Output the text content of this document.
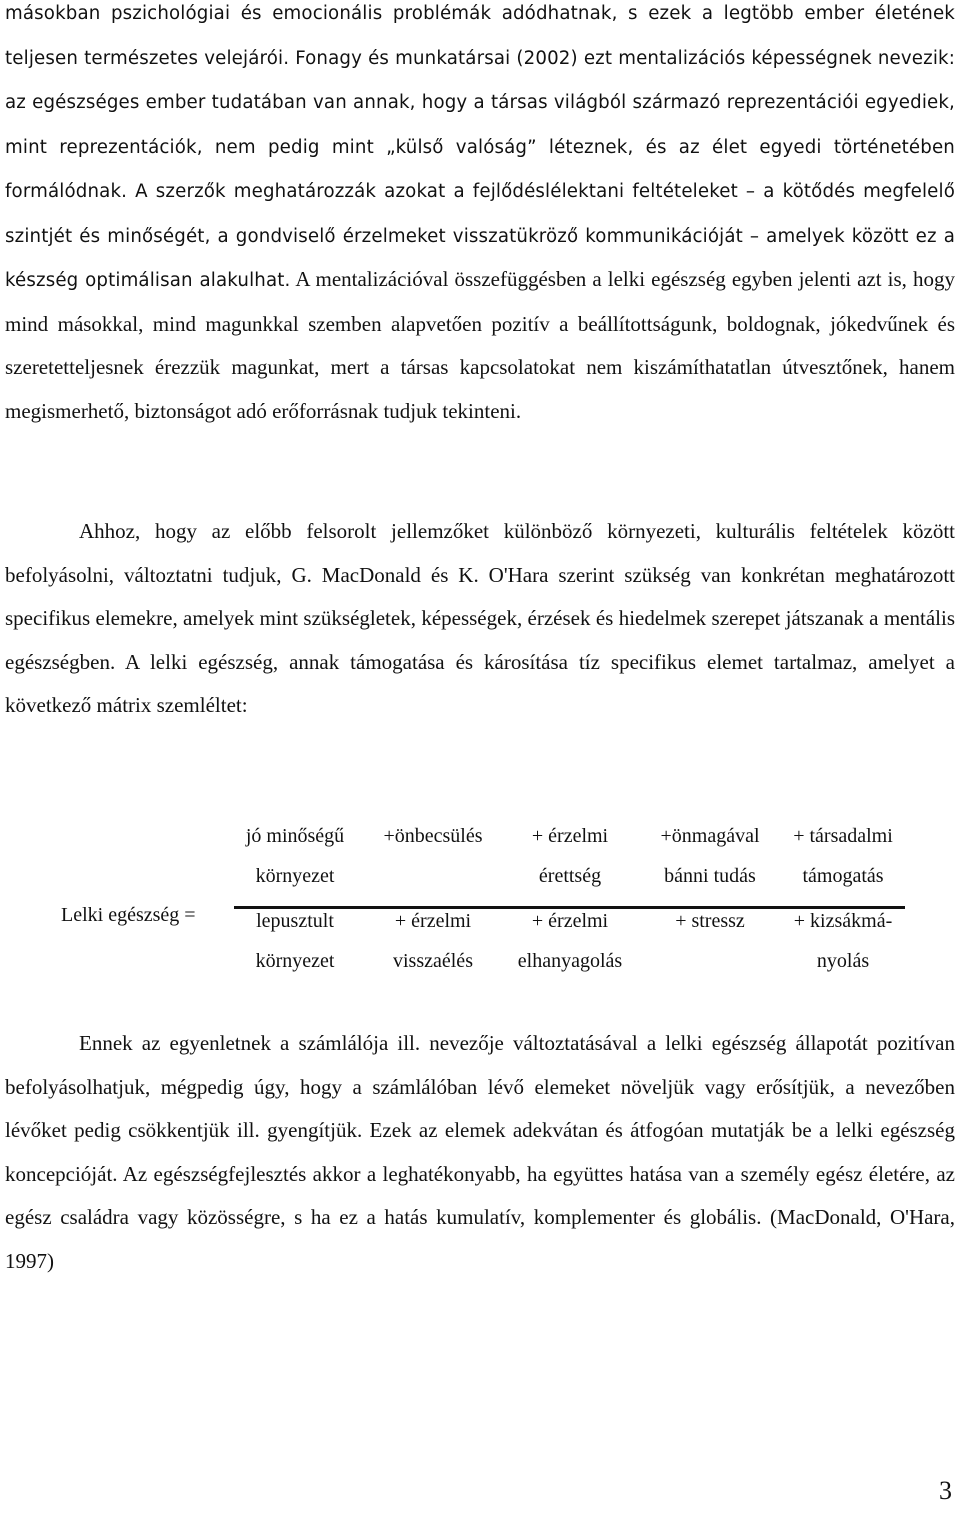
másokban pszichológiai és emocionális problémák adódhatnak, s ezek a legtöbb ember életének teljesen természetes velejárói. Fonagy és munkatársai (2002) ezt mentalizációs képességnek nevezik: az egészséges ember tudatában van annak, hogy a társas világból származó reprezentációi egyediek, mint reprezentációk, nem pedig mint „külső valóság” léteznek, és az élet egyedi történetében formálódnak. A szerzők meghatározzák azokat a fejlődéslélektani feltételeket – a kötődés megfelelő szintjét és minőségét, a gondviselő érzelmeket visszatükröző kommunikációját – amelyek között ez a készség optimálisan alakulhat. A mentalizációval összefüggésben a lelki egészség egyben jelenti azt is, hogy mind másokkal, mind magunkkal szemben alapvetően pozitív a beállítottságunk, boldognak, jókedvűnek és szeretetteljesnek érezzük magunkat, mert a társas kapcsolatokat nem kiszámíthatatlan útvesztőnek, hanem megismerhető, biztonságot adó erőforrásnak tudjuk tekinteni.

Ahhoz, hogy az előbb felsorolt jellemzőket különböző környezeti, kulturális feltételek között befolyásolni, változtatni tudjuk, G. MacDonald és K. O'Hara szerint szükség van konkrétan meghatározott specifikus elemekre, amelyek mint szükségletek, képességek, érzések és hiedelmek szerepet játszanak a mentális egészségben. A lelki egészség, annak támogatása és károsítása tíz specifikus elemet tartalmaz, amelyet a következő mátrix szemléltet:

Lelki egészség =
jó minőségű
környezet
+önbecsülés	+ érzelmi
érettség
+önmagával
bánni tudás
+ társadalmi
támogatás
lepusztult
környezet
+ érzelmi
visszaélés
+ érzelmi
elhanyagolás
+ stressz	+ kizsákmá-
nyolás

Ennek az egyenletnek a számlálója ill. nevezője változtatásával a lelki egészség állapotát pozitívan befolyásolhatjuk, mégpedig úgy, hogy a számlálóban lévő elemeket növeljük vagy erősítjük, a nevezőben lévőket pedig csökkentjük ill. gyengítjük. Ezek az elemek adekvátan és átfogóan mutatják be a lelki egészség koncepcióját. Az egészségfejlesztés akkor a leghatékonyabb, ha együttes hatása van a személy egész életére, az egész családra vagy közösségre, s ha ez a hatás kumulatív, komplementer és globális. (MacDonald, O'Hara, 1997)

3
